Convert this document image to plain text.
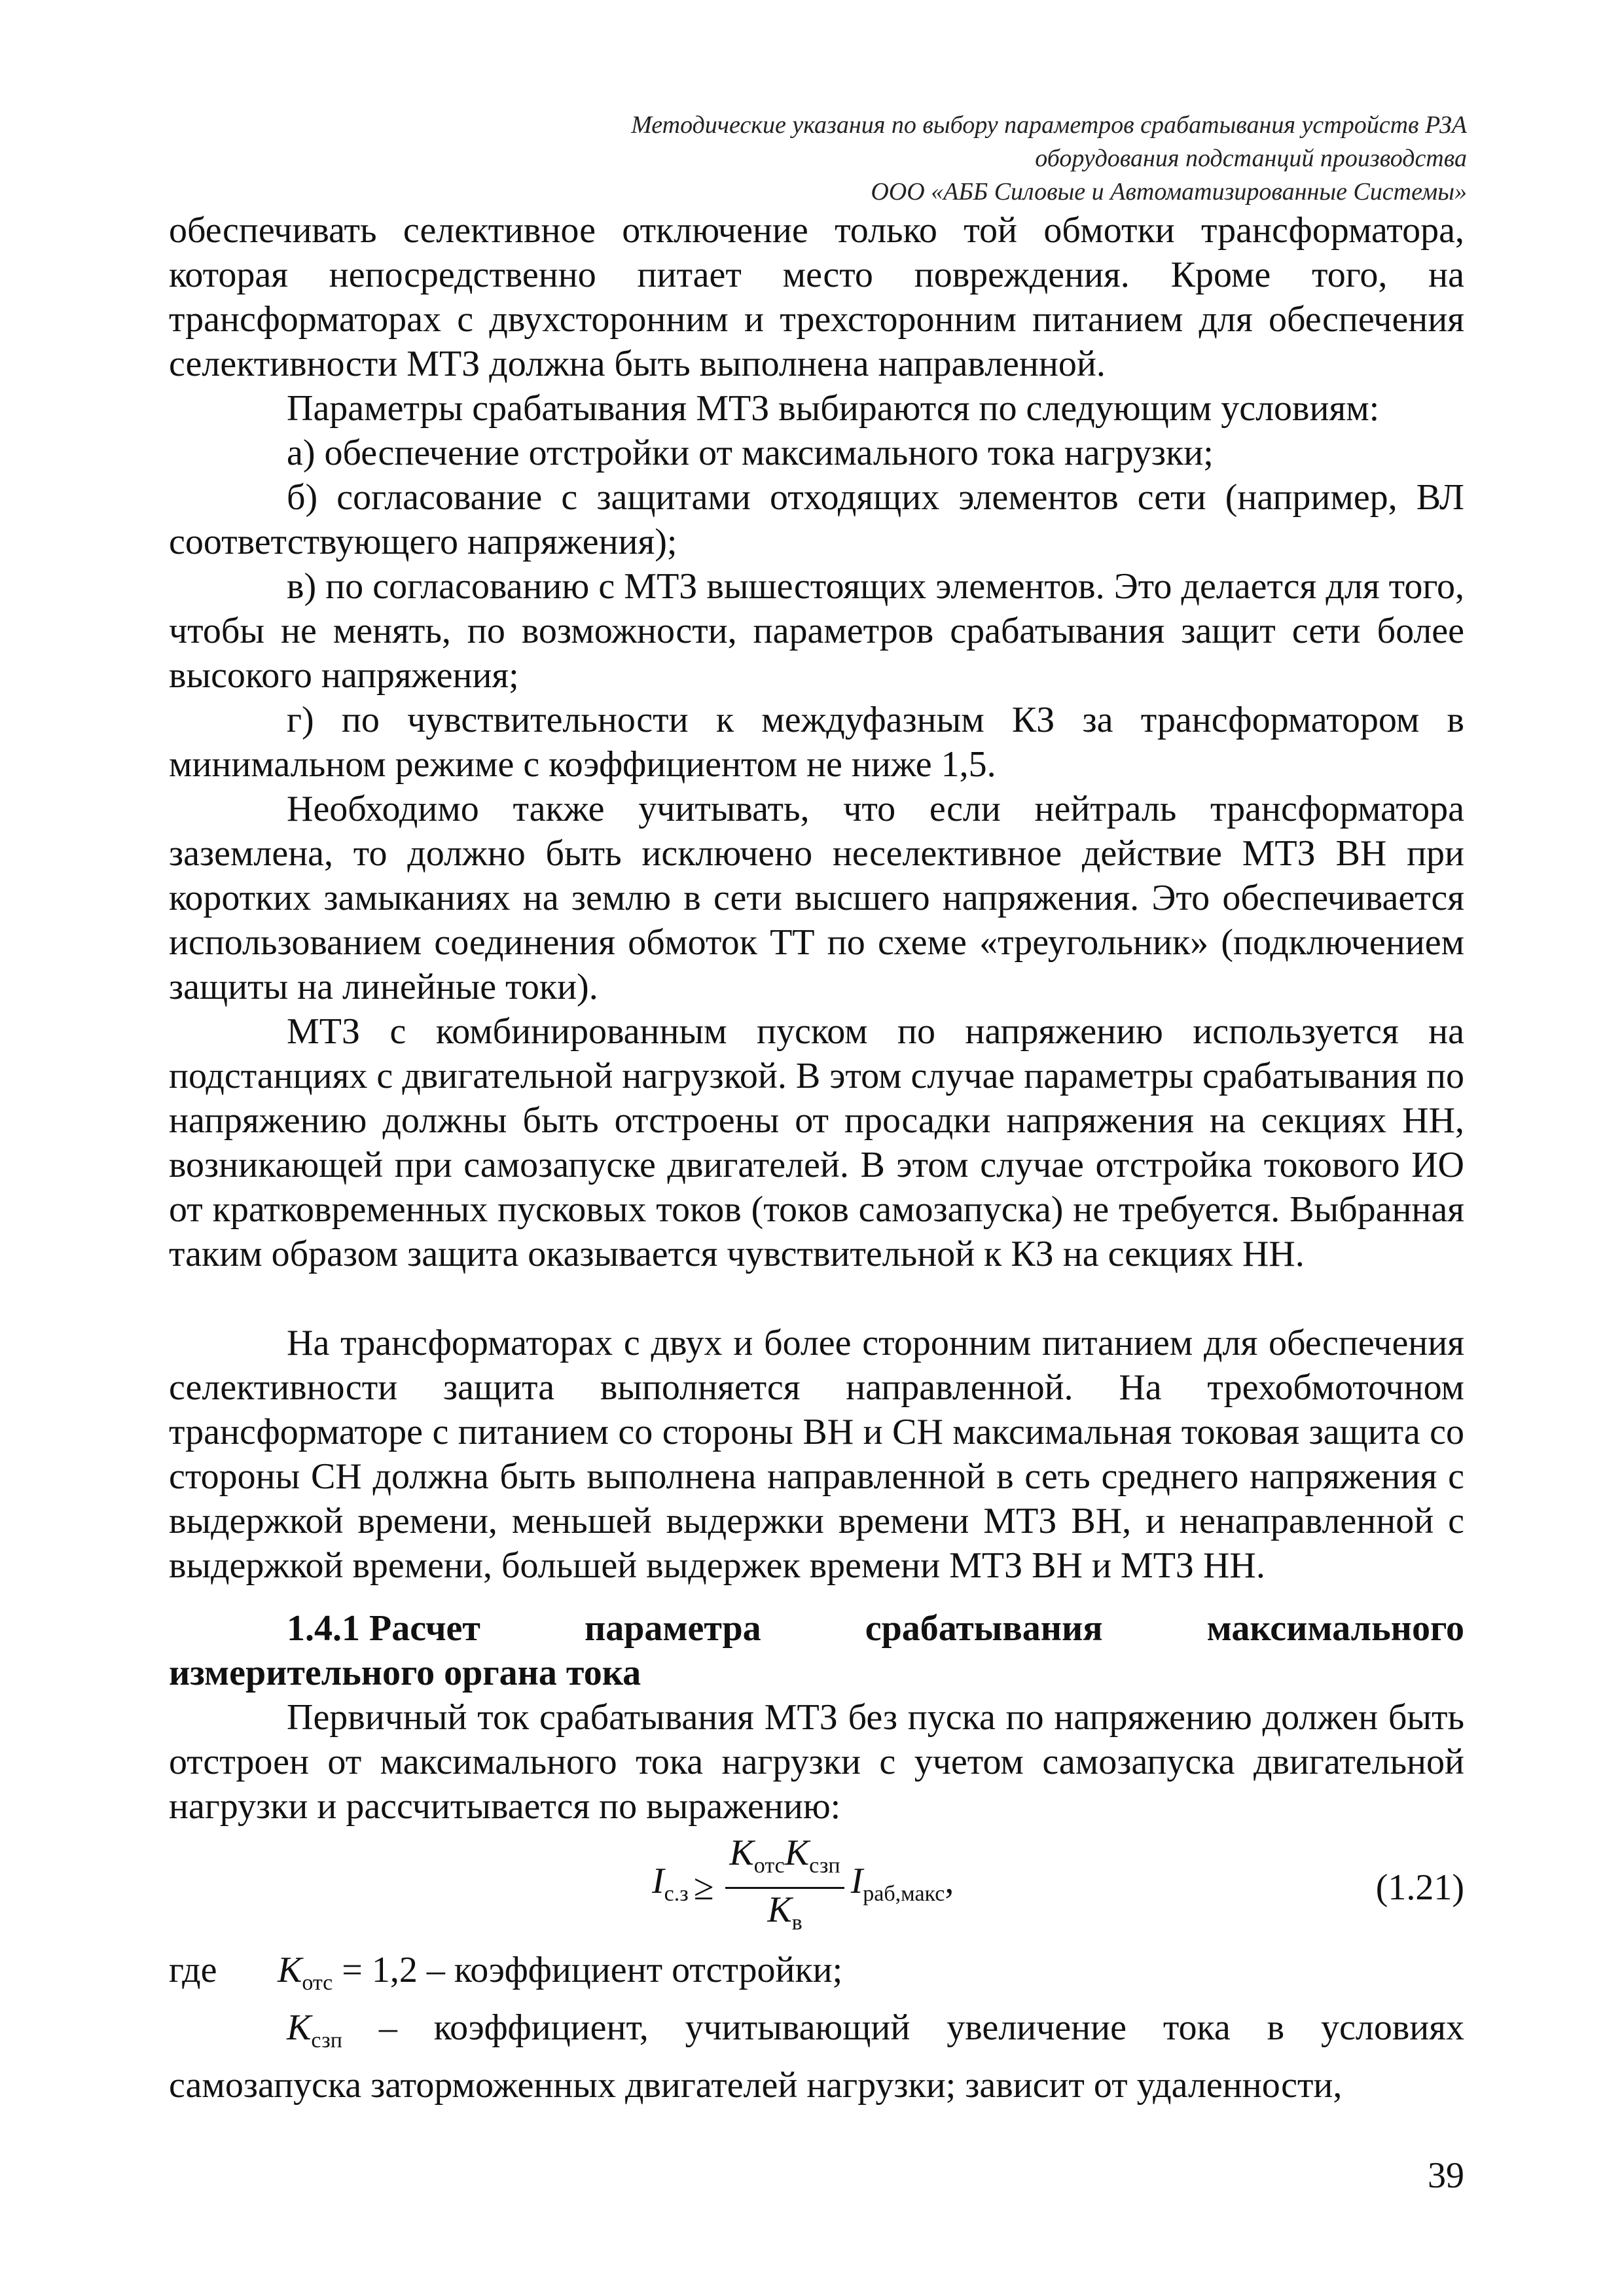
Методические указания по выбору параметров срабатывания устройств РЗА
оборудования подстанций производства
ООО «АББ Силовые и Автоматизированные Системы»

обеспечивать селективное отключение только той обмотки трансформатора, которая непосредственно питает место повреждения. Кроме того, на трансформаторах с двухсторонним и трехсторонним питанием для обеспечения селективности МТЗ должна быть выполнена направленной.

Параметры срабатывания МТЗ выбираются по следующим условиям:

а) обеспечение отстройки от максимального тока нагрузки;

б) согласование с защитами отходящих элементов сети (например, ВЛ соответствующего напряжения);

в) по согласованию с МТЗ вышестоящих элементов. Это делается для того, чтобы не менять, по возможности, параметров срабатывания защит сети более высокого напряжения;

г) по чувствительности к междуфазным КЗ за трансформатором в минимальном режиме с коэффициентом не ниже 1,5.

Необходимо также учитывать, что если нейтраль трансформатора заземлена, то должно быть исключено неселективное действие МТЗ ВН при коротких замыканиях на землю в сети высшего напряжения. Это обеспечивается использованием соединения обмоток ТТ по схеме «треугольник» (подключением защиты на линейные токи).

МТЗ с комбинированным пуском по напряжению используется на подстанциях с двигательной нагрузкой. В этом случае параметры срабатывания по напряжению должны быть отстроены от просадки напряжения на секциях НН, возникающей при самозапуске двигателей. В этом случае отстройка токового ИО от кратковременных пусковых токов (токов самозапуска) не требуется. Выбранная таким образом защита оказывается чувствительной к КЗ на секциях НН.

На трансформаторах с двух и более сторонним питанием для обеспечения селективности защита выполняется направленной. На трехобмоточном трансформаторе с питанием со стороны ВН и СН максимальная токовая защита со стороны СН должна быть выполнена направленной в сеть среднего напряжения с выдержкой времени, меньшей выдержки времени МТЗ ВН, и ненаправленной с выдержкой времени, большей выдержек времени МТЗ ВН и МТЗ НН.

1.4.1 Расчет	параметра	срабатывания	максимального
измерительного органа тока

Первичный ток срабатывания МТЗ без пуска по напряжению должен быть отстроен от максимального тока нагрузки с учетом самозапуска двигательной нагрузки и рассчитывается по выражению:

$I_{с.з} \ge \frac{K_{отс}K_{сзп}}{K_в} I_{раб,макс}$,	(1.21)
где	$K_{отс} = 1,2$ – коэффициент отстройки;

$K_{сзп}$ – коэффициент, учитывающий увеличение тока в условиях самозапуска заторможенных двигателей нагрузки; зависит от удаленности,

39
